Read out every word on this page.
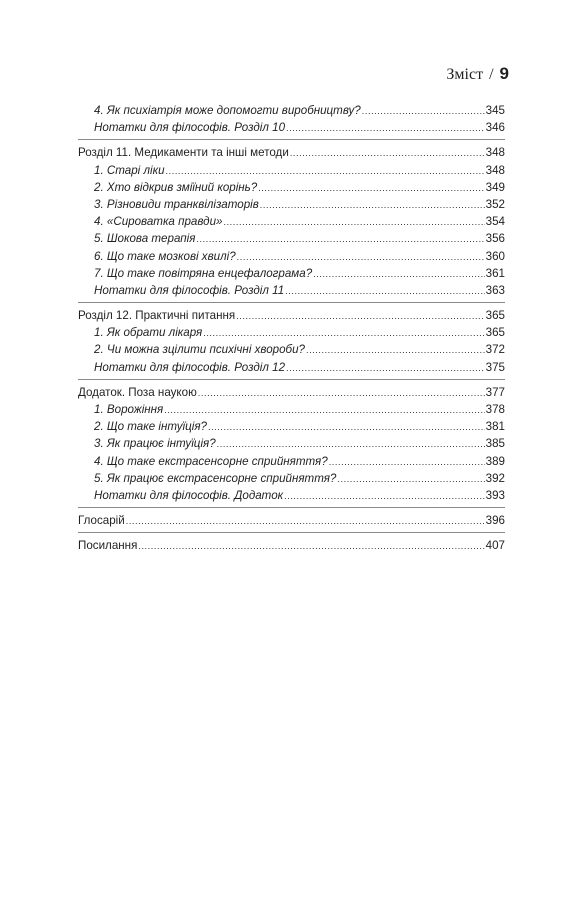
Зміст / 9
4. Як психіатрія може допомогти виробництву? .....	345
Нотатки для філософів. Розділ 10 .....	346
Розділ 11. Медикаменти та інші методи .....	348
1. Старі ліки .....	348
2. Хто відкрив зміїний корінь? .....	349
3. Різновиди транквілізаторів .....	352
4. «Сироватка правди» .....	354
5. Шокова терапія .....	356
6. Що таке мозкові хвилі? .....	360
7. Що таке повітряна енцефалограма? .....	361
Нотатки для філософів. Розділ 11 .....	363
Розділ 12. Практичні питання .....	365
1. Як обрати лікаря .....	365
2. Чи можна зцілити психічні хвороби? .....	372
Нотатки для філософів. Розділ 12 .....	375
Додаток. Поза наукою .....	377
1. Ворожіння .....	378
2. Що таке інтуїція? .....	381
3. Як працює інтуїція? .....	385
4. Що таке екстрасенсорне сприйняття? .....	389
5. Як працює екстрасенсорне сприйняття? .....	392
Нотатки для філософів. Додаток .....	393
Глосарій .....	396
Посилання .....	407
